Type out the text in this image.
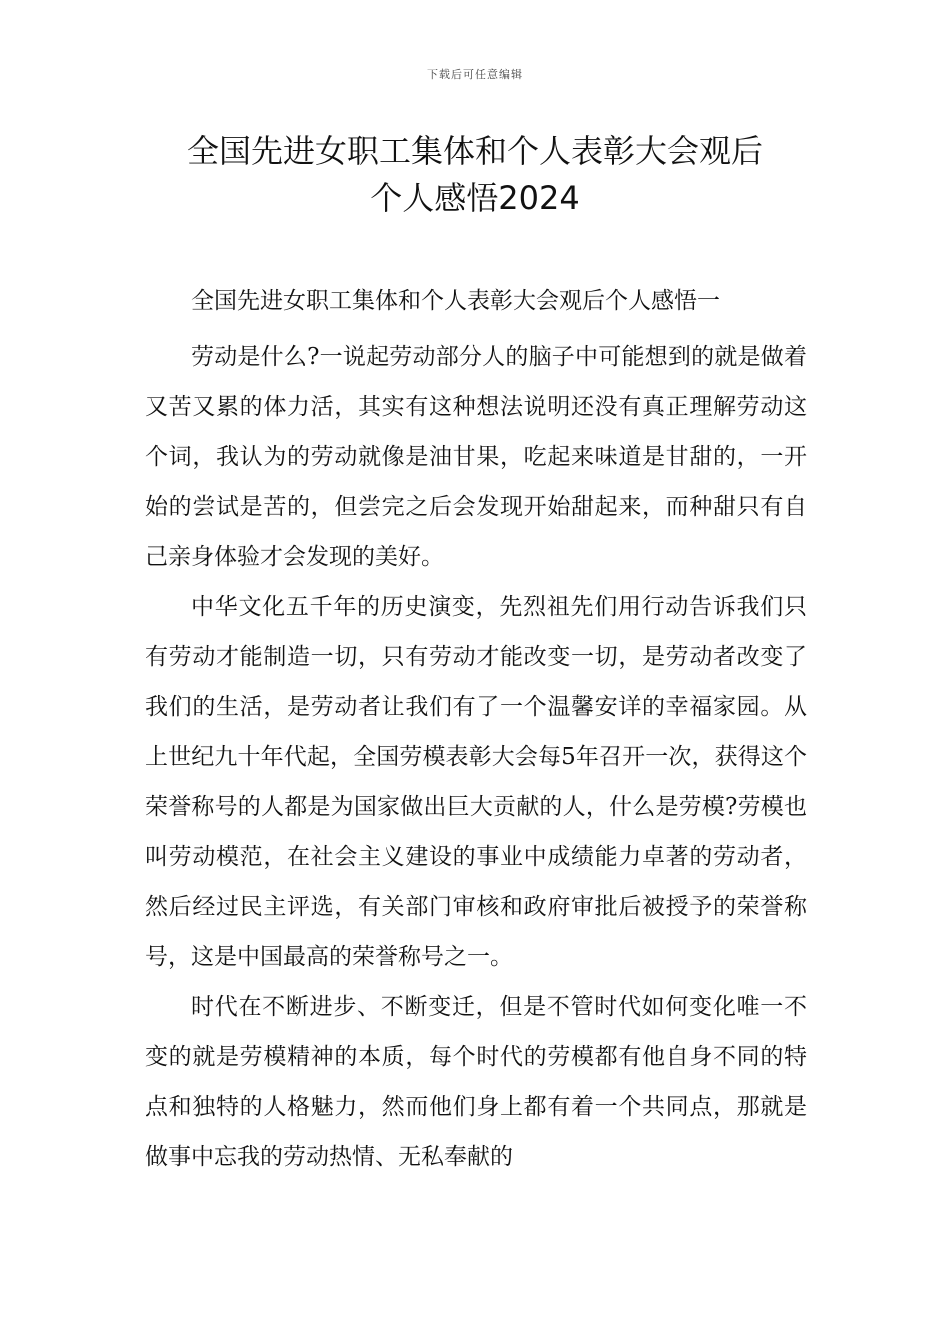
下载后可任意编辑
全国先进女职工集体和个人表彰大会观后
个人感悟2024

全国先进女职工集体和个人表彰大会观后个人感悟一

劳动是什么?一说起劳动部分人的脑子中可能想到的就是做着又苦又累的体力活，其实有这种想法说明还没有真正理解劳动这个词，我认为的劳动就像是油甘果，吃起来味道是甘甜的，一开始的尝试是苦的，但尝完之后会发现开始甜起来，而种甜只有自己亲身体验才会发现的美好。

中华文化五千年的历史演变，先烈祖先们用行动告诉我们只有劳动才能制造一切，只有劳动才能改变一切，是劳动者改变了我们的生活，是劳动者让我们有了一个温馨安详的幸福家园。从上世纪九十年代起，全国劳模表彰大会每5年召开一次，获得这个荣誉称号的人都是为国家做出巨大贡献的人，什么是劳模?劳模也叫劳动模范，在社会主义建设的事业中成绩能力卓著的劳动者，然后经过民主评选，有关部门审核和政府审批后被授予的荣誉称号，这是中国最高的荣誉称号之一。

时代在不断进步、不断变迁，但是不管时代如何变化唯一不变的就是劳模精神的本质，每个时代的劳模都有他自身不同的特点和独特的人格魅力，然而他们身上都有着一个共同点，那就是做事中忘我的劳动热情、无私奉献的
